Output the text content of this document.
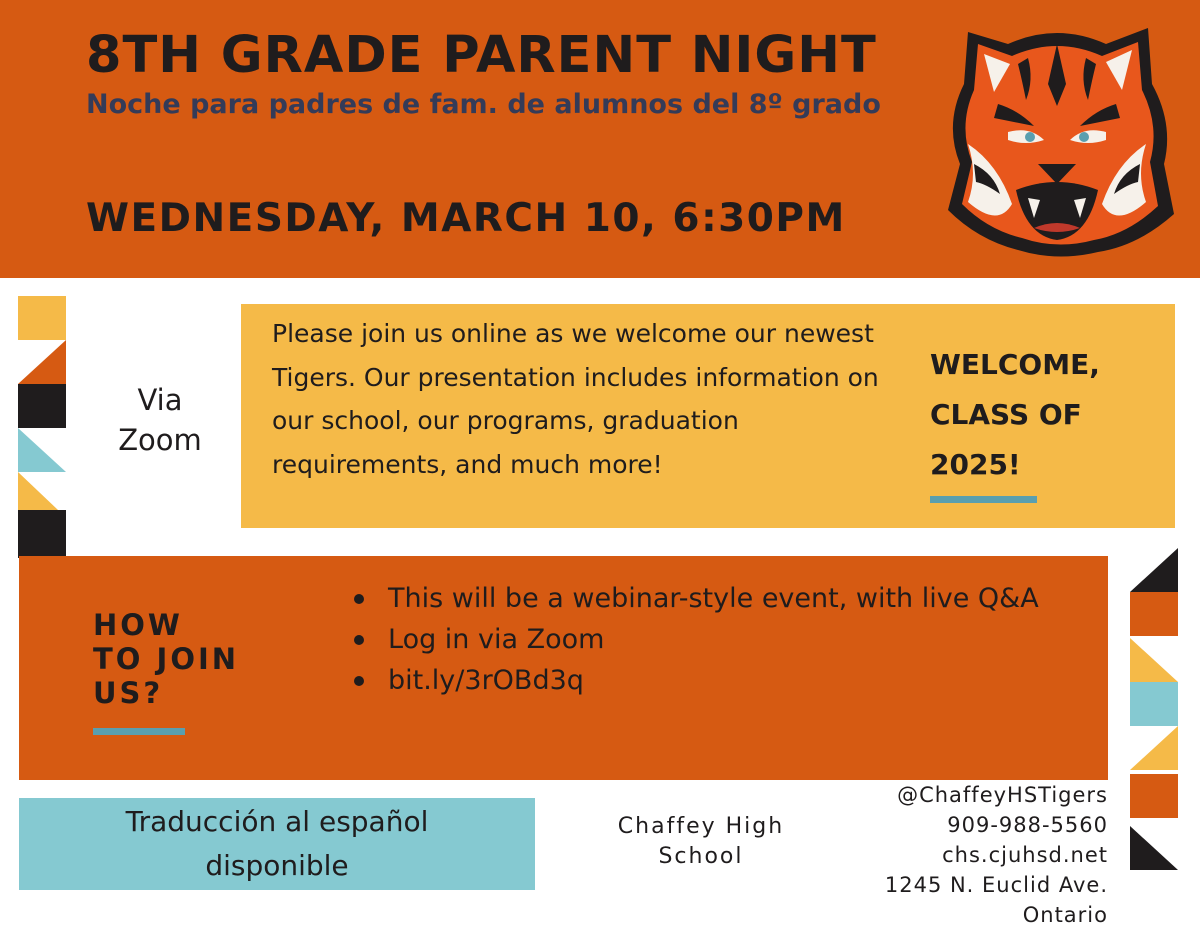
8TH GRADE PARENT NIGHT
Noche para padres de fam. de alumnos del 8º grado
WEDNESDAY, MARCH 10, 6:30PM
Via
Zoom
Please join us online as we welcome our newest Tigers. Our presentation includes information on our school, our programs, graduation requirements, and much more!
WELCOME,
CLASS OF
2025!
HOW
TO JOIN
US?
This will be a webinar-style event, with live Q&A
Log in via Zoom
bit.ly/3rOBd3q
Traducción al español
disponible
Chaffey High
School
@ChaffeyHSTigers
909-988-5560
chs.cjuhsd.net
1245 N. Euclid Ave.
Ontario
